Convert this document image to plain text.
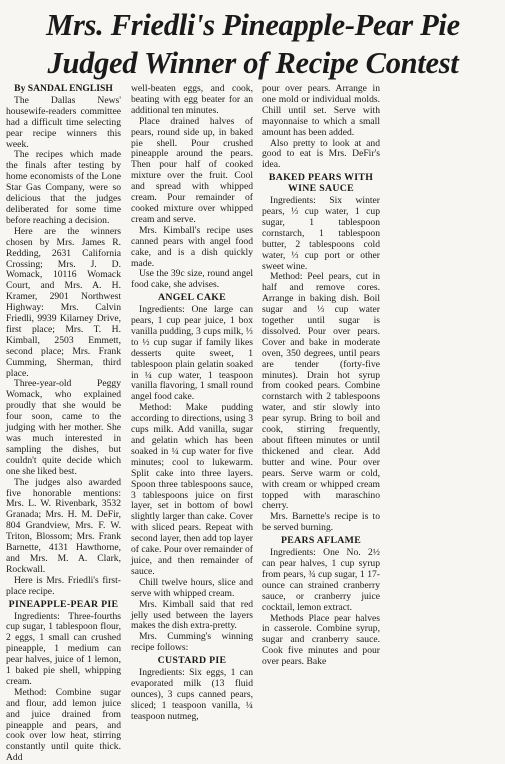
Mrs. Friedli's Pineapple-Pear Pie
Judged Winner of Recipe Contest
By SANDAL ENGLISH

The Dallas News' housewife-readers committee had a difficult time selecting pear recipe winners this week.

The recipes which made the finals after testing by home economists of the Lone Star Gas Company, were so delicious that the judges deliberated for some time before reaching a decision.

Here are the winners chosen by Mrs. James R. Redding, 2631 California Crossing; Mrs. J. D. Womack, 10116 Womack Court, and Mrs. A. H. Kramer, 2901 Northwest Highway: Mrs. Calvin Friedli, 9939 Kilarney Drive, first place; Mrs. T. H. Kimball, 2503 Emmett, second place; Mrs. Frank Cumming, Sherman, third place.

Three-year-old Peggy Womack, who explained proudly that she would be four soon, came to the judging with her mother. She was much interested in sampling the dishes, but couldn't quite decide which one she liked best.

The judges also awarded five honorable mentions: Mrs. L. W. Rivenbark, 3532 Granada; Mrs. H. M. DeFir, 804 Grandview, Mrs. F. W. Triton, Blossom; Mrs. Frank Barnette, 4131 Hawthorne, and Mrs. M. A. Clark, Rockwall.

Here is Mrs. Friedli's first-place recipe.

PINEAPPLE-PEAR PIE

Ingredients: Three-fourths cup sugar, 1 tablespoon flour, 2 eggs, 1 small can crushed pineapple, 1 medium can pear halves, juice of 1 lemon, 1 baked pie shell, whipping cream.

Method: Combine sugar and flour, add lemon juice and juice drained from pineapple and pears, and cook over low heat, stirring constantly until quite thick. Add

well-beaten eggs, and cook, beating with egg beater for an additional ten minutes.

Place drained halves of pears, round side up, in baked pie shell. Pour crushed pineapple around the pears. Then pour half of cooked mixture over the fruit. Cool and spread with whipped cream. Pour remainder of cooked mixture over whipped cream and serve.

Mrs. Kimball's recipe uses canned pears with angel food cake, and is a dish quickly made.

Use the 39c size, round angel food cake, she advises.

ANGEL CAKE

Ingredients: One large can pears, 1 cup pear juice, 1 box vanilla pudding, 3 cups milk, ⅓ to ½ cup sugar if family likes desserts quite sweet, 1 tablespoon plain gelatin soaked in ¼ cup water, 1 teaspoon vanilla flavoring, 1 small round angel food cake.

Method: Make pudding according to directions, using 3 cups milk. Add vanilla, sugar and gelatin which has been soaked in ¼ cup water for five minutes; cool to lukewarm. Split cake into three layers. Spoon three tablespoons sauce, 3 tablespoons juice on first layer, set in bottom of bowl slightly larger than cake. Cover with sliced pears. Repeat with second layer, then add top layer of cake. Pour over remainder of juice, and then remainder of sauce.

Chill twelve hours, slice and serve with whipped cream.

Mrs. Kimball said that red jelly used between the layers makes the dish extra-pretty.

Mrs. Cumming's winning recipe follows:

CUSTARD PIE

Ingredients: Six eggs, 1 can evaporated milk (13 fluid ounces), 3 cups canned pears, sliced; 1 teaspoon vanilla, ¼ teaspoon nutmeg,

pour over pears. Arrange in one mold or individual molds. Chill until set. Serve with mayonnaise to which a small amount has been added.

Also pretty to look at and good to eat is Mrs. DeFir's idea.

BAKED PEARS WITH WINE SAUCE

Ingredients: Six winter pears, ⅓ cup water, 1 cup sugar, 1 tablespoon cornstarch, 1 tablespoon butter, 2 tablespoons cold water, ⅓ cup port or other sweet wine.

Method: Peel pears, cut in half and remove cores. Arrange in baking dish. Boil sugar and ⅓ cup water together until sugar is dissolved. Pour over pears. Cover and bake in moderate oven, 350 degrees, until pears are tender (forty-five minutes). Drain hot syrup from cooked pears. Combine cornstarch with 2 tablespoons water, and stir slowly into pear syrup. Bring to boil and cook, stirring frequently, about fifteen minutes or until thickened and clear. Add butter and wine. Pour over pears. Serve warm or cold, with cream or whipped cream topped with maraschino cherry.

Mrs. Barnette's recipe is to be served burning.

PEARS AFLAME

Ingredients: One No. 2½ can pear halves, 1 cup syrup from pears, ¾ cup sugar, 1 17-ounce can strained cranberry sauce, or cranberry juice cocktail, lemon extract.

Methods Place pear halves in casserole. Combine syrup, sugar and cranberry sauce. Cook five minutes and pour over pears. Bake
